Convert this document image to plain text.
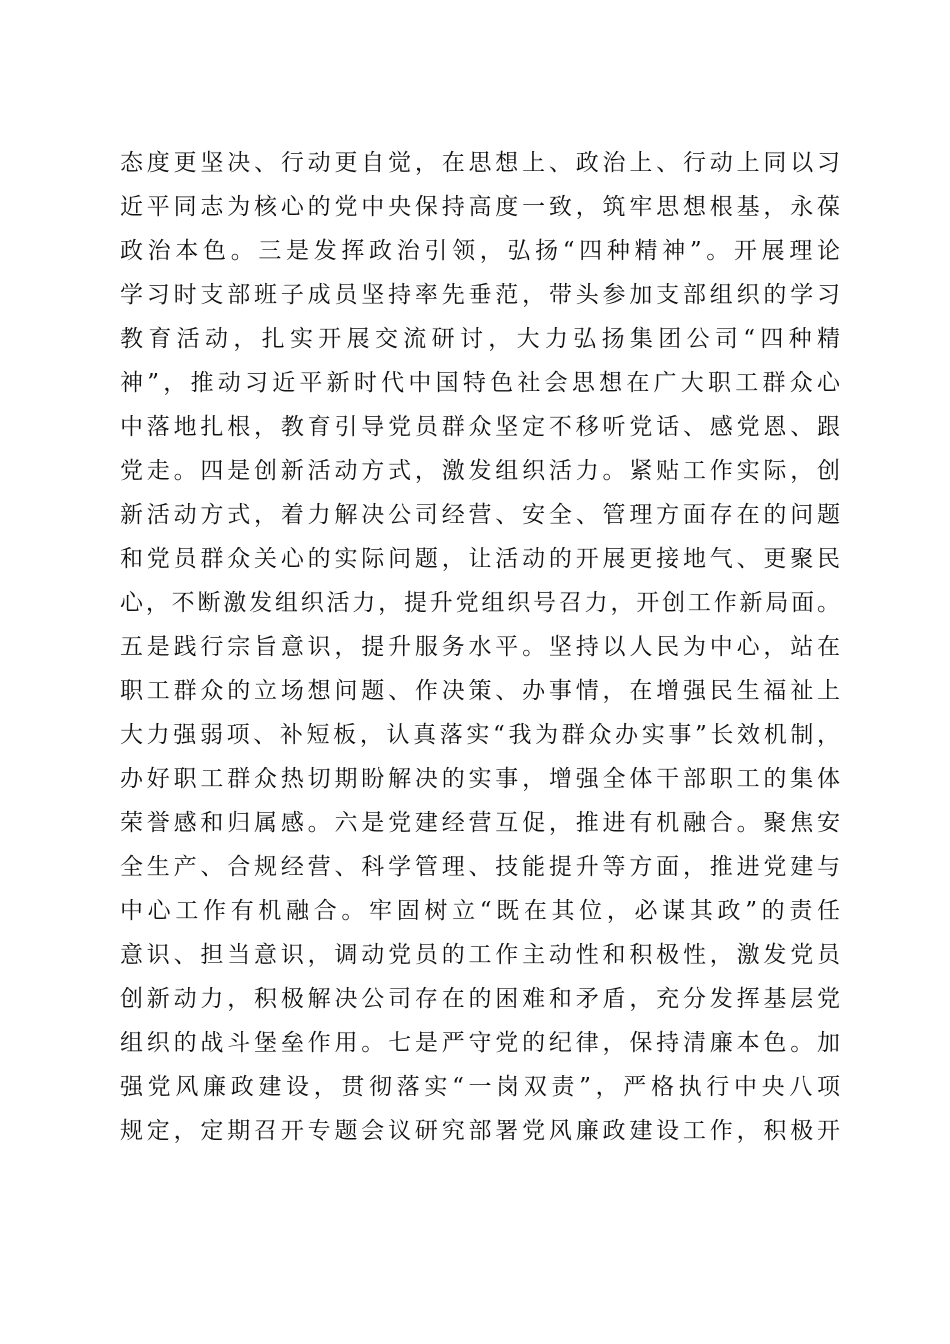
态度更坚决、行动更自觉，在思想上、政治上、行动上同以习
近平同志为核心的党中央保持高度一致，筑牢思想根基，永葆
政治本色。三是发挥政治引领，弘扬“四种精神”。开展理论
学习时支部班子成员坚持率先垂范，带头参加支部组织的学习
教育活动，扎实开展交流研讨，大力弘扬集团公司“四种精
神”，推动习近平新时代中国特色社会思想在广大职工群众心
中落地扎根，教育引导党员群众坚定不移听党话、感党恩、跟
党走。四是创新活动方式，激发组织活力。紧贴工作实际，创
新活动方式，着力解决公司经营、安全、管理方面存在的问题
和党员群众关心的实际问题，让活动的开展更接地气、更聚民
心，不断激发组织活力，提升党组织号召力，开创工作新局面。
五是践行宗旨意识，提升服务水平。坚持以人民为中心，站在
职工群众的立场想问题、作决策、办事情，在增强民生福祉上
大力强弱项、补短板，认真落实“我为群众办实事”长效机制，
办好职工群众热切期盼解决的实事，增强全体干部职工的集体
荣誉感和归属感。六是党建经营互促，推进有机融合。聚焦安
全生产、合规经营、科学管理、技能提升等方面，推进党建与
中心工作有机融合。牢固树立“既在其位，必谋其政”的责任
意识、担当意识，调动党员的工作主动性和积极性，激发党员
创新动力，积极解决公司存在的困难和矛盾，充分发挥基层党
组织的战斗堡垒作用。七是严守党的纪律，保持清廉本色。加
强党风廉政建设，贯彻落实“一岗双责”，严格执行中央八项
规定，定期召开专题会议研究部署党风廉政建设工作，积极开
